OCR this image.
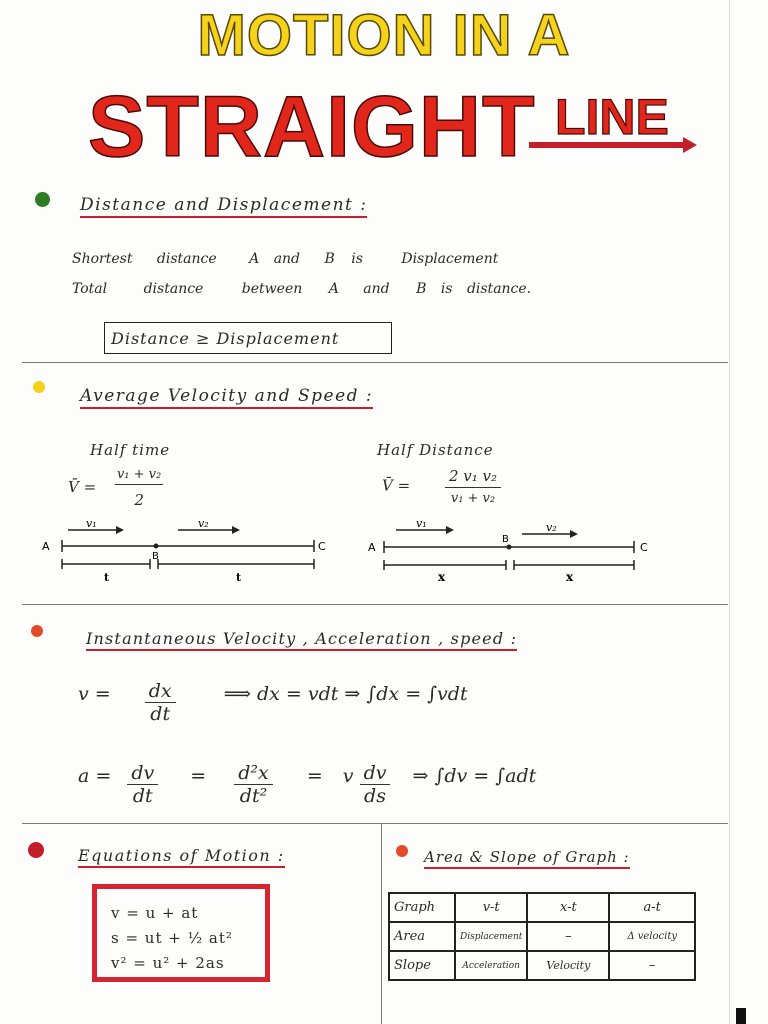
MOTION IN A
STRAIGHT LINE
Distance and Displacement :
Shortest distance A and B is	Displacement
Total	distance	between A and B is distance.
Distance ≥ Displacement
Average Velocity and Speed :
Half time
V̄ = $\frac{\text{v₁ + v₂}}{2}$
Half Distance
V̄ = $\frac{\text{2 v₁ v₂}}{\text{v₁ + v₂}}$
v₁	v₂
A
B
C
t	t
v₁	v₂
A
B
C
x	x
Instantaneous Velocity , Acceleration , speed :
$v = \frac{dx}{dt}$	⟹ dx = vdt ⇒ ∫dx = ∫vdt
$a = \frac{dv}{dt} = \frac{\text{d²x}}{\text{dt²}} = v \frac{dv}{ds}$ ⇒ ∫dv = ∫adt
Equations of Motion :
v = u + at
s = ut + ½ at²
v² = u² + 2as
Area & Slope of Graph :
Graph	v-t	x-t	a-t
Area	Displacement	–	Δ velocity
Slope	Acceleration	Velocity	–
